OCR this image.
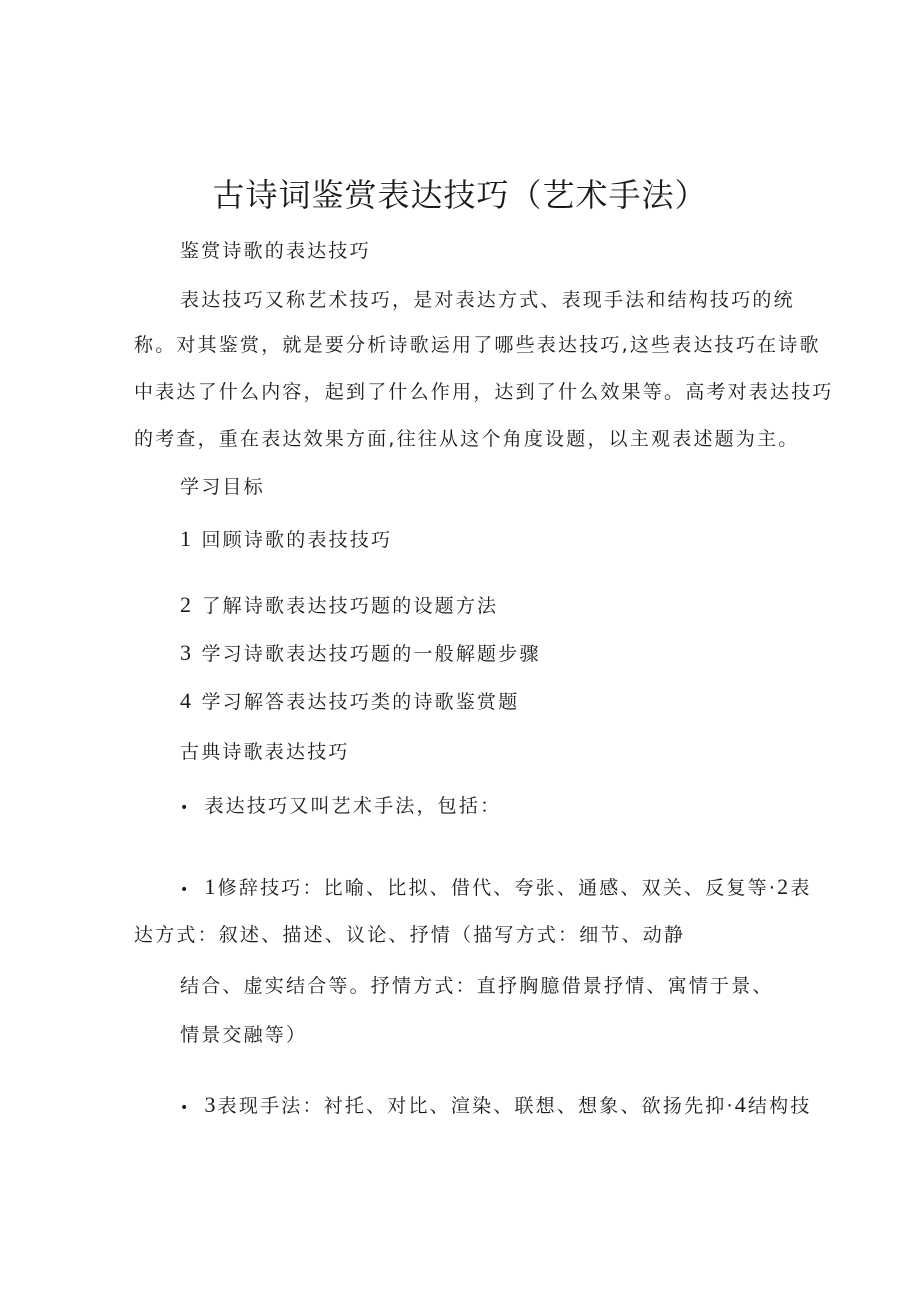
古诗词鉴赏表达技巧（艺术手法）
鉴赏诗歌的表达技巧
表达技巧又称艺术技巧，是对表达方式、表现手法和结构技巧的统
称。对其鉴赏，就是要分析诗歌运用了哪些表达技巧,这些表达技巧在诗歌
中表达了什么内容，起到了什么作用，达到了什么效果等。高考对表达技巧
的考查，重在表达效果方面,往往从这个角度设题，以主观表述题为主。
学习目标
1 回顾诗歌的表技技巧
2 了解诗歌表达技巧题的设题方法
3 学习诗歌表达技巧题的一般解题步骤
4 学习解答表达技巧类的诗歌鉴赏题
古典诗歌表达技巧
• 表达技巧又叫艺术手法，包括：
• 1修辞技巧：比喻、比拟、借代、夸张、通感、双关、反复等·2表
达方式：叙述、描述、议论、抒情（描写方式：细节、动静
结合、虚实结合等。抒情方式：直抒胸臆借景抒情、寓情于景、
情景交融等）
• 3表现手法：衬托、对比、渲染、联想、想象、欲扬先抑·4结构技
